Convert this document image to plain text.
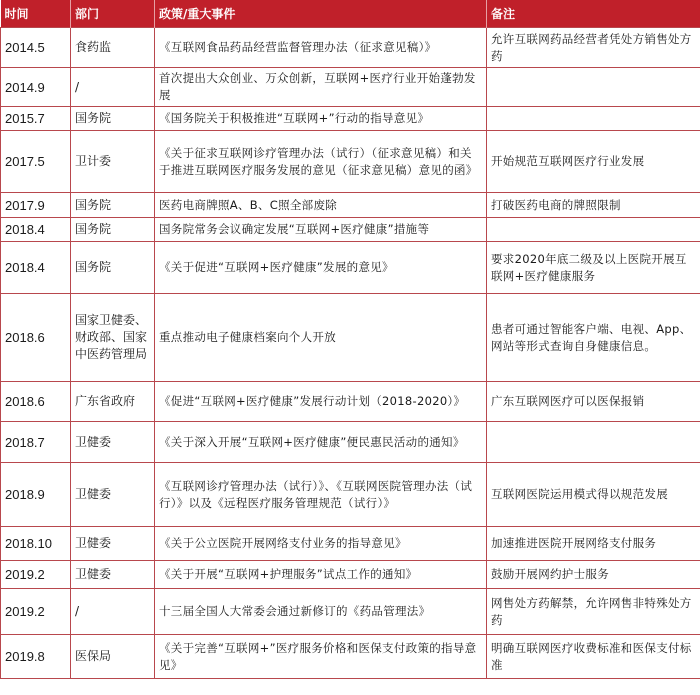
时间	部门	政策/重大事件	备注
2014.5	食药监	《互联网食品药品经营监督管理办法（征求意见稿）》	允许互联网药品经营者凭处方销售处方药
2014.9	/	首次提出大众创业、万众创新，互联网+医疗行业开始蓬勃发展	
2015.7	国务院	《国务院关于积极推进“互联网+”行动的指导意见》	
2017.5	卫计委	《关于征求互联网诊疗管理办法（试行）（征求意见稿）和关于推进互联网医疗服务发展的意见（征求意见稿）意见的函》	开始规范互联网医疗行业发展
2017.9	国务院	医药电商牌照A、B、C照全部废除	打破医药电商的牌照限制
2018.4	国务院	国务院常务会议确定发展“互联网+医疗健康”措施等	
2018.4	国务院	《关于促进“互联网+医疗健康”发展的意见》	要求2020年底二级及以上医院开展互联网+医疗健康服务
2018.6	国家卫健委、财政部、国家中医药管理局	重点推动电子健康档案向个人开放	患者可通过智能客户端、电视、App、网站等形式查询自身健康信息。
2018.6	广东省政府	《促进“互联网+医疗健康”发展行动计划（2018-2020）》	广东互联网医疗可以医保报销
2018.7	卫健委	《关于深入开展“互联网+医疗健康”便民惠民活动的通知》	
2018.9	卫健委	《互联网诊疗管理办法（试行）》、《互联网医院管理办法（试行）》以及《远程医疗服务管理规范（试行）》	互联网医院运用模式得以规范发展
2018.10	卫健委	《关于公立医院开展网络支付业务的指导意见》	加速推进医院开展网络支付服务
2019.2	卫健委	《关于开展“互联网+护理服务”试点工作的通知》	鼓励开展网约护士服务
2019.2	/	十三届全国人大常委会通过新修订的《药品管理法》	网售处方药解禁，允许网售非特殊处方药
2019.8	医保局	《关于完善“互联网+”医疗服务价格和医保支付政策的指导意见》	明确互联网医疗收费标准和医保支付标准
